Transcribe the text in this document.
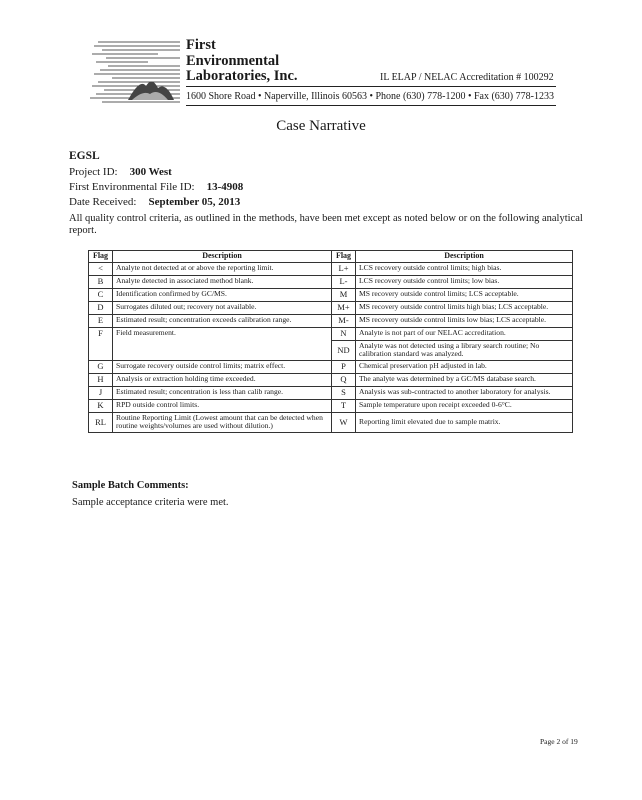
First
Environmental
Laboratories, Inc.	IL ELAP / NELAC Accreditation # 100292
1600 Shore Road • Naperville, Illinois 60563 • Phone (630) 778-1200 • Fax (630) 778-1233
Case Narrative
EGSL
Project ID: 300 West
First Environmental File ID: 13-4908
Date Received: September 05, 2013
All quality control criteria, as outlined in the methods, have been met except as noted below or on the following analytical report.
Flag	Description	Flag	Description
<	Analyte not detected at or above the reporting limit.	L+	LCS recovery outside control limits; high bias.
B	Analyte detected in associated method blank.	L-	LCS recovery outside control limits; low bias.
C	Identification confirmed by GC/MS.	M	MS recovery outside control limits; LCS acceptable.
D	Surrogates diluted out; recovery not available.	M+	MS recovery outside control limits high bias; LCS acceptable.
E	Estimated result; concentration exceeds calibration range.	M-	MS recovery outside control limits low bias; LCS acceptable.
F	Field measurement.	N	Analyte is not part of our NELAC accreditation.
		ND	Analyte was not detected using a library search routine; No calibration standard was analyzed.
G	Surrogate recovery outside control limits; matrix effect.	P	Chemical preservation pH adjusted in lab.
H	Analysis or extraction holding time exceeded.	Q	The analyte was determined by a GC/MS database search.
J	Estimated result; concentration is less than calib range.	S	Analysis was sub-contracted to another laboratory for analysis.
K	RPD outside control limits.	T	Sample temperature upon receipt exceeded 0-6°C.
RL	Routine Reporting Limit (Lowest amount that can be detected when routine weights/volumes are used without dilution.)	W	Reporting limit elevated due to sample matrix.
Sample Batch Comments:
Sample acceptance criteria were met.
Page 2 of 19
